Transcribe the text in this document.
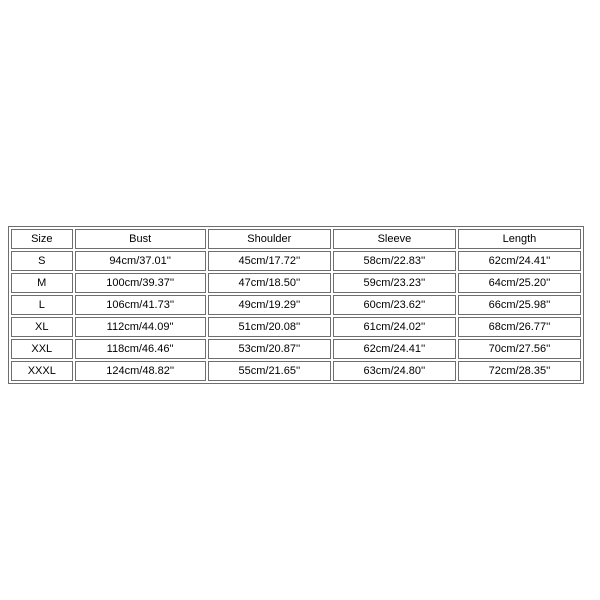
Size	Bust	Shoulder	Sleeve	Length
S	94cm/37.01''	45cm/17.72''	58cm/22.83''	62cm/24.41''
M	100cm/39.37''	47cm/18.50''	59cm/23.23''	64cm/25.20''
L	106cm/41.73''	49cm/19.29''	60cm/23.62''	66cm/25.98''
XL	112cm/44.09''	51cm/20.08''	61cm/24.02''	68cm/26.77''
XXL	118cm/46.46''	53cm/20.87''	62cm/24.41''	70cm/27.56''
XXXL	124cm/48.82''	55cm/21.65''	63cm/24.80''	72cm/28.35''
